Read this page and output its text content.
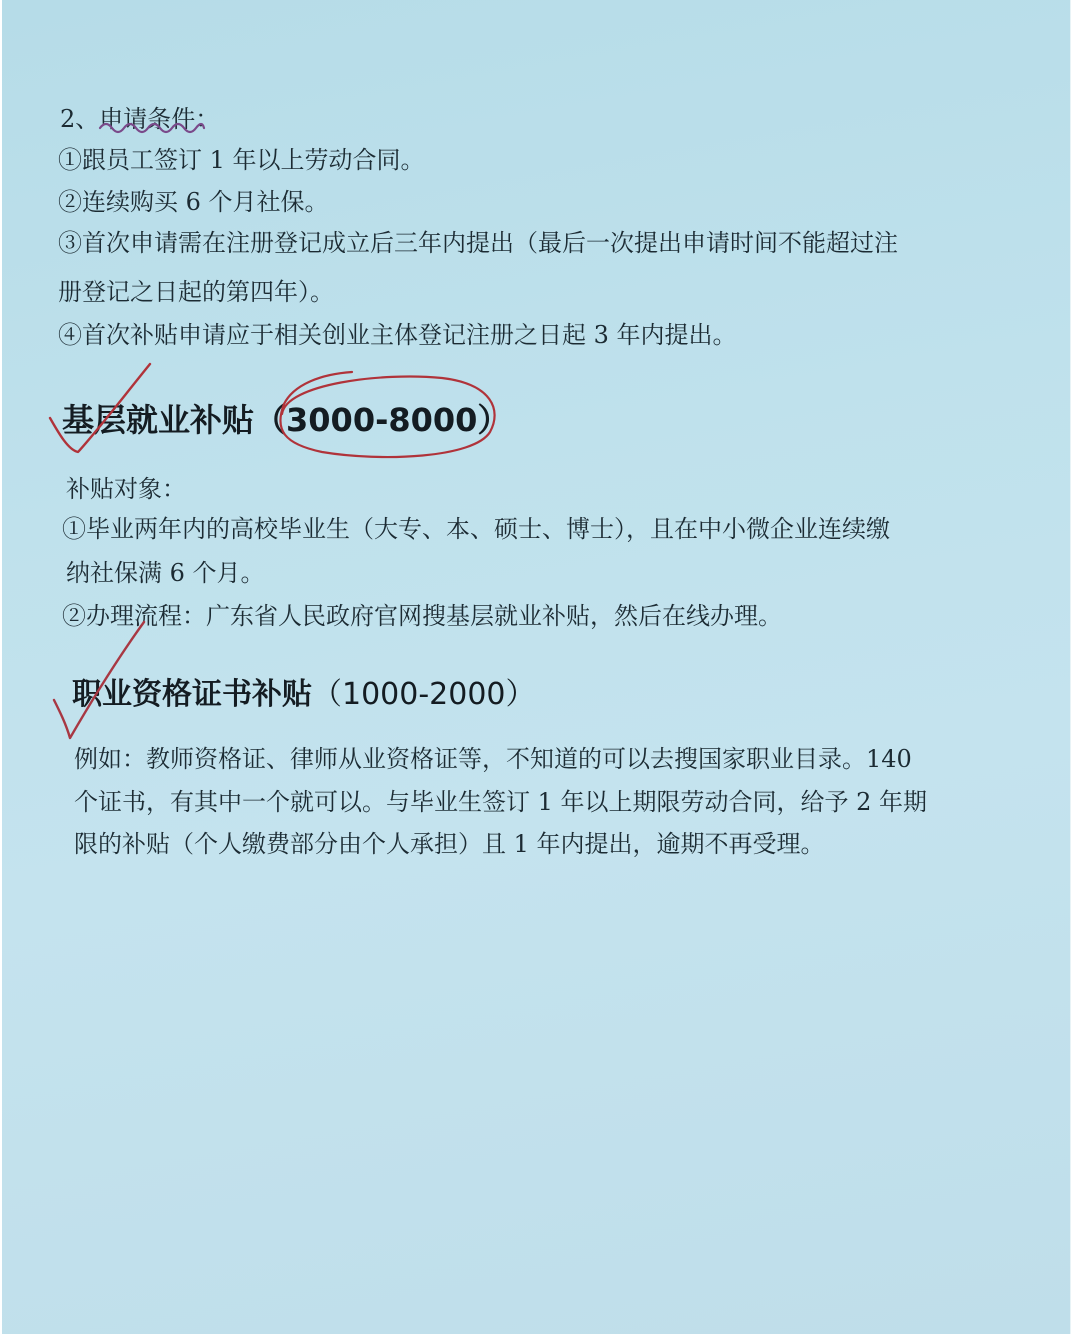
2、申请条件：
①跟员工签订 1 年以上劳动合同。
②连续购买 6 个月社保。
③首次申请需在注册登记成立后三年内提出（最后一次提出申请时间不能超过注
册登记之日起的第四年）。
④首次补贴申请应于相关创业主体登记注册之日起 3 年内提出。
基层就业补贴（3000-8000）
补贴对象：
①毕业两年内的高校毕业生（大专、本、硕士、博士），且在中小微企业连续缴
纳社保满 6 个月。
②办理流程：广东省人民政府官网搜基层就业补贴，然后在线办理。
职业资格证书补贴（1000-2000）
例如：教师资格证、律师从业资格证等，不知道的可以去搜国家职业目录。140
个证书，有其中一个就可以。与毕业生签订 1 年以上期限劳动合同，给予 2 年期
限的补贴（个人缴费部分由个人承担）且 1 年内提出，逾期不再受理。
